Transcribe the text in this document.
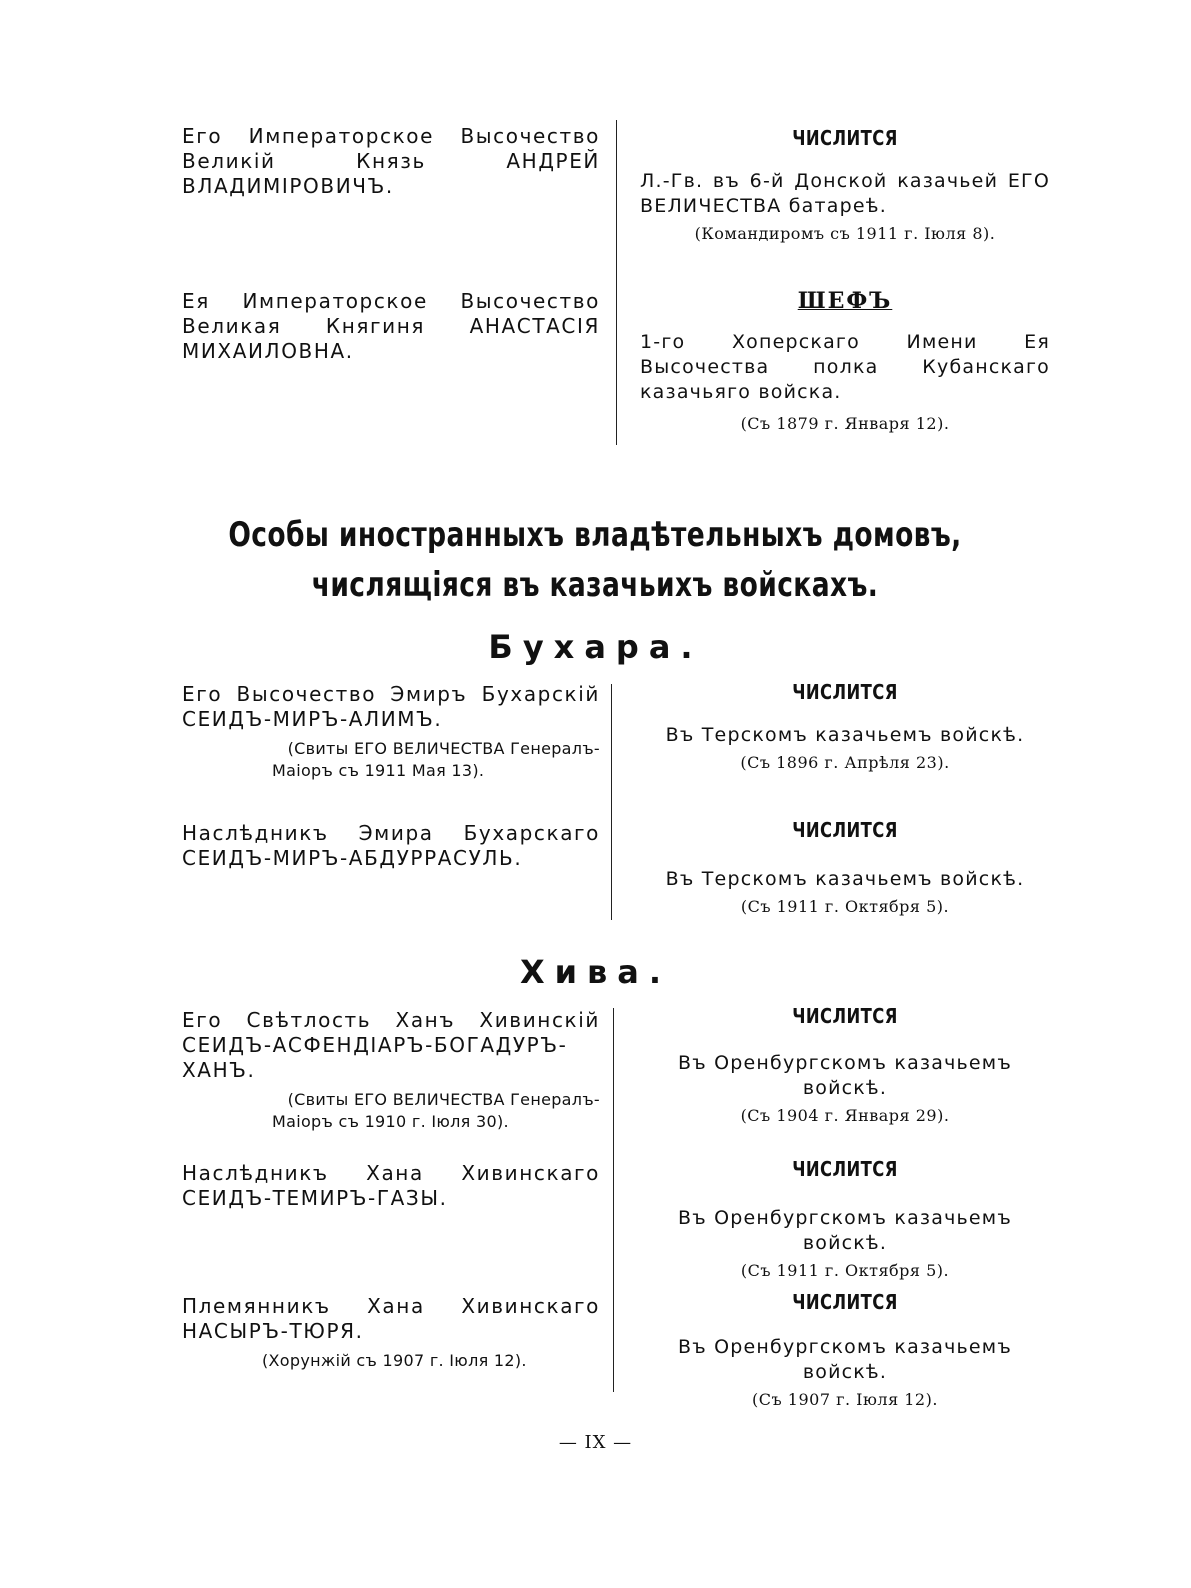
Его Императорское Высочество Великiй Князь АНДРЕЙ ВЛАДИМIРОВИЧЪ.
ЧИСЛИТСЯ
Л.-Гв. въ 6-й Донской казачьей ЕГО ВЕЛИЧЕСТВА батареѣ.
(Командиромъ съ 1911 г. Iюля 8).
Ея Императорское Высочество Великая Княгиня АНАСТАСIЯ МИХАИЛОВНА.
ШЕФЪ
1-го Хоперскаго Имени Ея Высочества полка Кубанскаго казачьяго войска.
(Съ 1879 г. Января 12).
Особы иностранныхъ владѣтельныхъ домовъ, числящiяся въ казачьихъ войскахъ.
Бухара.
Его Высочество Эмиръ Бухарскiй СЕИДЪ-МИРЪ-АЛИМЪ.
(Свиты ЕГО ВЕЛИЧЕСТВА Генералъ-Маiоръ съ 1911 Мая 13).
ЧИСЛИТСЯ
Въ Терскомъ казачьемъ войскѣ.
(Съ 1896 г. Апрѣля 23).
Наслѣдникъ Эмира Бухарскаго СЕИДЪ-МИРЪ-АБДУРРАСУЛЬ.
ЧИСЛИТСЯ
Въ Терскомъ казачьемъ войскѣ.
(Съ 1911 г. Октября 5).
Хива.
Его Свѣтлость Ханъ Хивинскiй СЕИДЪ-АСФЕНДIАРЪ-БОГАДУРЪ-ХАНЪ.
(Свиты ЕГО ВЕЛИЧЕСТВА Генералъ-Маiоръ съ 1910 г. Iюля 30).
ЧИСЛИТСЯ
Въ Оренбургскомъ казачьемъ войскѣ.
(Съ 1904 г. Января 29).
Наслѣдникъ Хана Хивинскаго СЕИДЪ-ТЕМИРЪ-ГАЗЫ.
ЧИСЛИТСЯ
Въ Оренбургскомъ казачьемъ войскѣ.
(Съ 1911 г. Октября 5).
Племянникъ Хана Хивинскаго НАСЫРЪ-ТЮРЯ.
(Хорунжiй съ 1907 г. Iюля 12).
ЧИСЛИТСЯ
Въ Оренбургскомъ казачьемъ войскѣ.
(Съ 1907 г. Iюля 12).
— IX —
